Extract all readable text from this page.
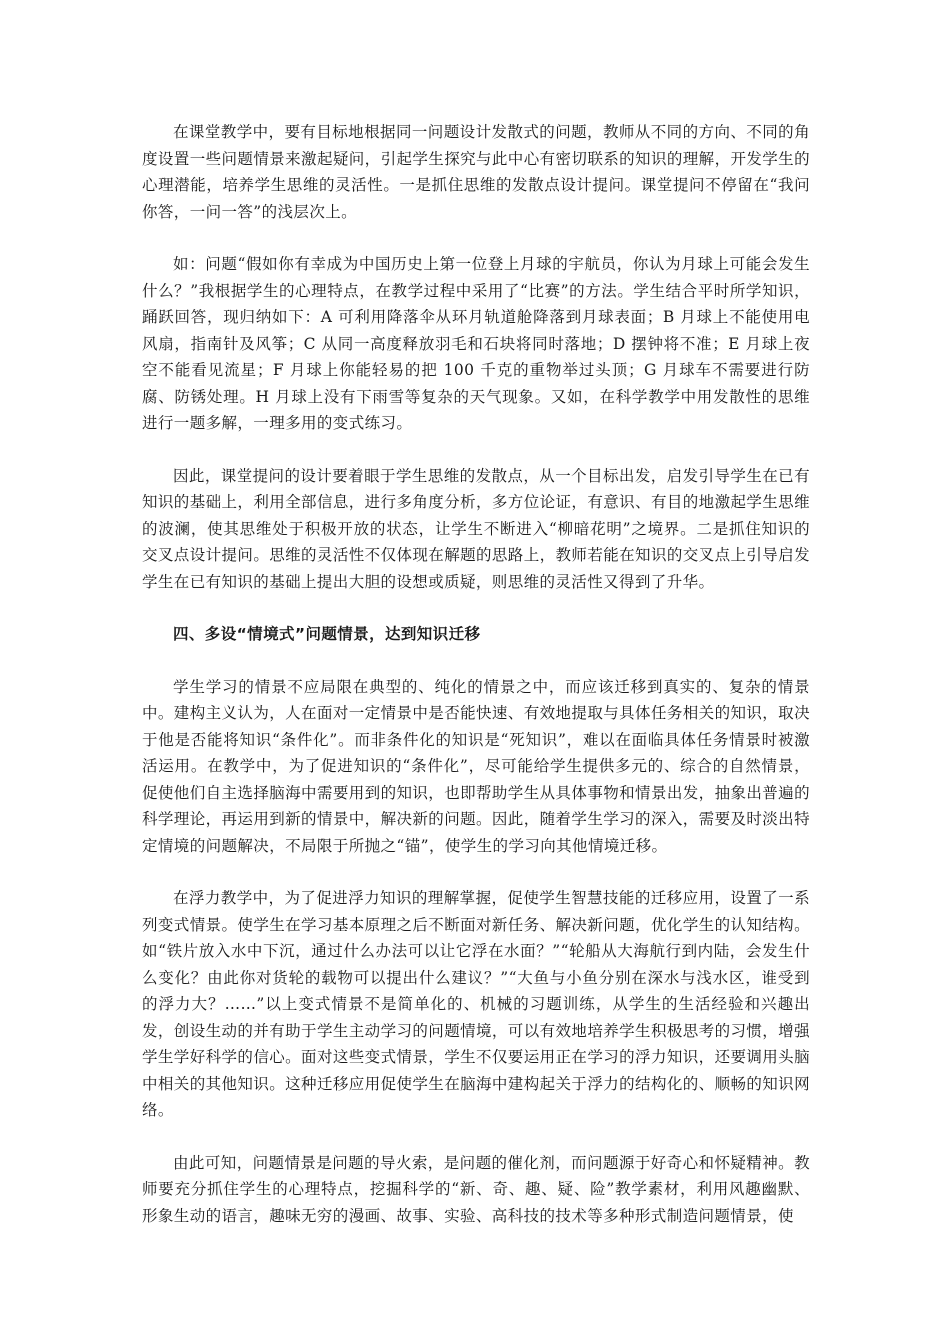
在课堂教学中，要有目标地根据同一问题设计发散式的问题，教师从不同的方向、不同的角度设置一些问题情景来激起疑问，引起学生探究与此中心有密切联系的知识的理解，开发学生的心理潜能，培养学生思维的灵活性。一是抓住思维的发散点设计提问。课堂提问不停留在“我问你答，一问一答”的浅层次上。

如：问题“假如你有幸成为中国历史上第一位登上月球的宇航员，你认为月球上可能会发生什么？”我根据学生的心理特点，在教学过程中采用了“比赛”的方法。学生结合平时所学知识，踊跃回答，现归纳如下：A 可利用降落伞从环月轨道舱降落到月球表面；B 月球上不能使用电风扇，指南针及风筝；C 从同一高度释放羽毛和石块将同时落地；D 摆钟将不准；E 月球上夜空不能看见流星；F 月球上你能轻易的把 100 千克的重物举过头顶；G 月球车不需要进行防腐、防锈处理。H 月球上没有下雨雪等复杂的天气现象。又如，在科学教学中用发散性的思维进行一题多解，一理多用的变式练习。

因此，课堂提问的设计要着眼于学生思维的发散点，从一个目标出发，启发引导学生在已有知识的基础上，利用全部信息，进行多角度分析，多方位论证，有意识、有目的地激起学生思维的波澜，使其思维处于积极开放的状态，让学生不断进入“柳暗花明”之境界。二是抓住知识的交叉点设计提问。思维的灵活性不仅体现在解题的思路上，教师若能在知识的交叉点上引导启发学生在已有知识的基础上提出大胆的设想或质疑，则思维的灵活性又得到了升华。

四、多设“情境式”问题情景，达到知识迁移

学生学习的情景不应局限在典型的、纯化的情景之中，而应该迁移到真实的、复杂的情景中。建构主义认为，人在面对一定情景中是否能快速、有效地提取与具体任务相关的知识，取决于他是否能将知识“条件化”。而非条件化的知识是“死知识”，难以在面临具体任务情景时被激活运用。在教学中，为了促进知识的“条件化”，尽可能给学生提供多元的、综合的自然情景，促使他们自主选择脑海中需要用到的知识，也即帮助学生从具体事物和情景出发，抽象出普遍的科学理论，再运用到新的情景中，解决新的问题。因此，随着学生学习的深入，需要及时淡出特定情境的问题解决，不局限于所抛之“锚”，使学生的学习向其他情境迁移。

在浮力教学中，为了促进浮力知识的理解掌握，促使学生智慧技能的迁移应用，设置了一系列变式情景。使学生在学习基本原理之后不断面对新任务、解决新问题，优化学生的认知结构。如“铁片放入水中下沉，通过什么办法可以让它浮在水面？”“轮船从大海航行到内陆，会发生什么变化？由此你对货轮的载物可以提出什么建议？”“大鱼与小鱼分别在深水与浅水区，谁受到的浮力大？……”以上变式情景不是简单化的、机械的习题训练，从学生的生活经验和兴趣出发，创设生动的并有助于学生主动学习的问题情境，可以有效地培养学生积极思考的习惯，增强学生学好科学的信心。面对这些变式情景，学生不仅要运用正在学习的浮力知识，还要调用头脑中相关的其他知识。这种迁移应用促使学生在脑海中建构起关于浮力的结构化的、顺畅的知识网络。

由此可知，问题情景是问题的导火索，是问题的催化剂，而问题源于好奇心和怀疑精神。教师要充分抓住学生的心理特点，挖掘科学的“新、奇、趣、疑、险”教学素材，利用风趣幽默、形象生动的语言，趣味无穷的漫画、故事、实验、高科技的技术等多种形式制造问题情景，使
